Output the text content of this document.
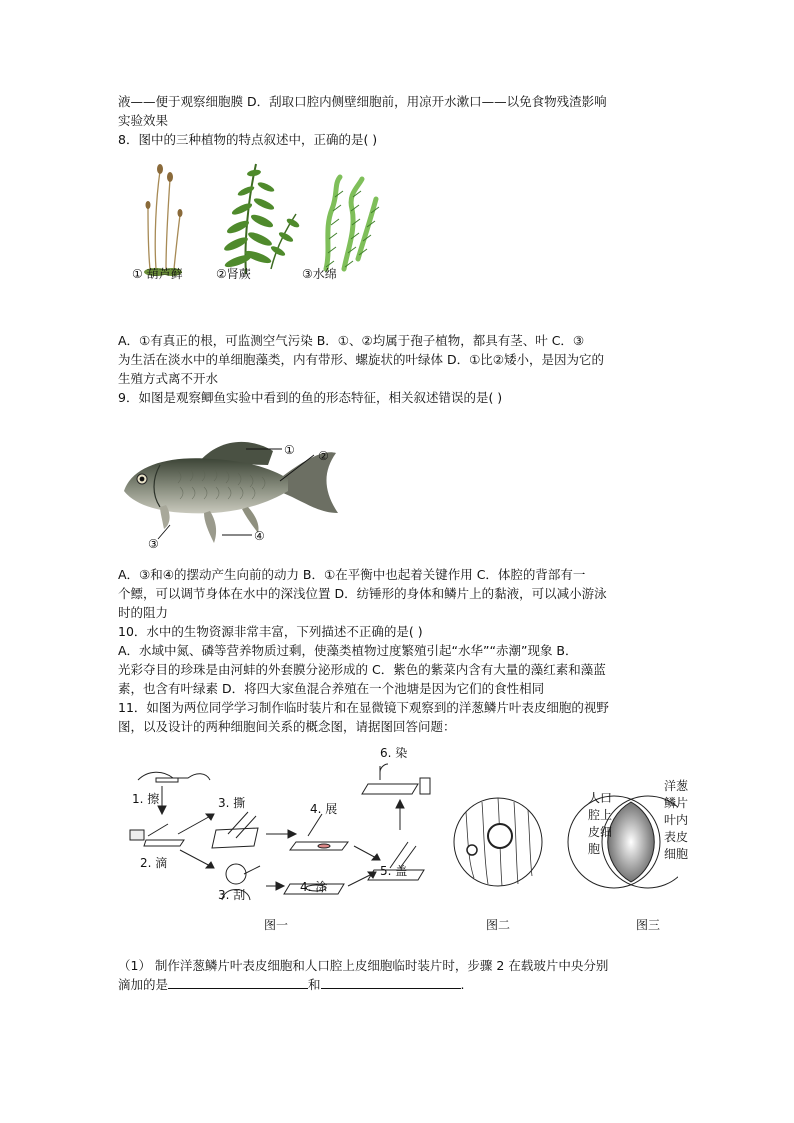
液——便于观察细胞膜 D．刮取口腔内侧壁细胞前，用凉开水漱口——以免食物残渣影响

实验效果

8．图中的三种植物的特点叙述中，正确的是( )

① 葫芦藓	②肾蕨	③水绵

A．①有真正的根，可监测空气污染 B．①、②均属于孢子植物，都具有茎、叶 C．③

为生活在淡水中的单细胞藻类，内有带形、螺旋状的叶绿体 D．①比②矮小，是因为它的

生殖方式离不开水

9．如图是观察鲫鱼实验中看到的鱼的形态特征，相关叙述错误的是( )

① ②
③
④

A．③和④的摆动产生向前的动力 B．①在平衡中也起着关键作用 C．体腔的背部有一

个鳔，可以调节身体在水中的深浅位置 D．纺锤形的身体和鳞片上的黏液，可以减小游泳

时的阻力

10．水中的生物资源非常丰富，下列描述不正确的是( )

A．水域中氮、磷等营养物质过剩，使藻类植物过度繁殖引起“水华”“赤潮”现象 B．

光彩夺目的珍珠是由河蚌的外套膜分泌形成的 C．紫色的紫菜内含有大量的藻红素和藻蓝

素，也含有叶绿素 D．将四大家鱼混合养殖在一个池塘是因为它们的食性相同

11．如图为两位同学学习制作临时装片和在显微镜下观察到的洋葱鳞片叶表皮细胞的视野

图，以及设计的两种细胞间关系的概念图，请据图回答问题：

1. 擦
2. 滴
3. 撕
3. 刮
4. 展
4. 涂
5. 盖
6. 染
人口
腔上
皮细
胞
洋葱
鳞片
叶内
表皮
细胞
图一	图二	图三

（1） 制作洋葱鳞片叶表皮细胞和人口腔上皮细胞临时装片时，步骤 2 在载玻片中央分别

滴加的是	和	.
